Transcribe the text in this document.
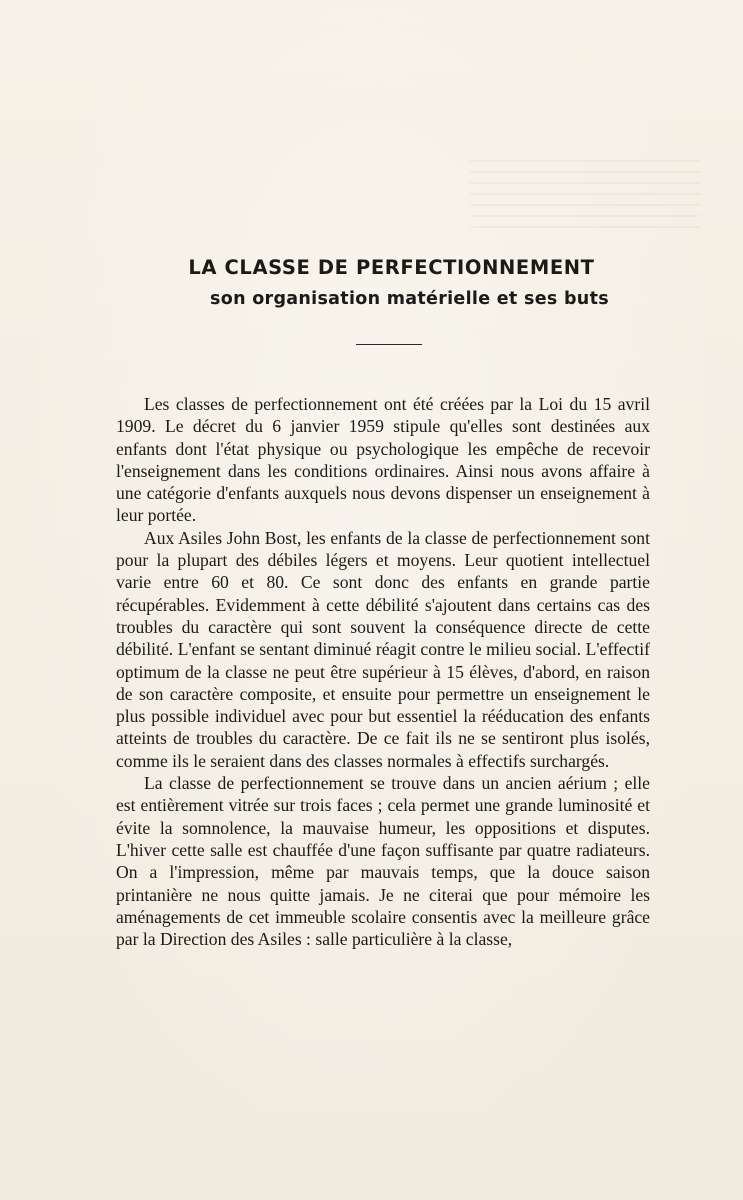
LA CLASSE DE PERFECTIONNEMENT
son organisation matérielle et ses buts

Les classes de perfectionnement ont été créées par la Loi du 15 avril 1909. Le décret du 6 janvier 1959 stipule qu'elles sont destinées aux enfants dont l'état physique ou psychologique les empêche de recevoir l'enseignement dans les conditions ordinaires. Ainsi nous avons affaire à une catégorie d'enfants auxquels nous devons dispenser un enseignement à leur portée.

Aux Asiles John Bost, les enfants de la classe de perfectionnement sont pour la plupart des débiles légers et moyens. Leur quotient intellectuel varie entre 60 et 80. Ce sont donc des enfants en grande partie récupérables. Evidemment à cette débilité s'ajoutent dans certains cas des troubles du caractère qui sont souvent la conséquence directe de cette débilité. L'enfant se sentant diminué réagit contre le milieu social. L'effectif optimum de la classe ne peut être supérieur à 15 élèves, d'abord, en raison de son caractère composite, et ensuite pour permettre un enseignement le plus possible individuel avec pour but essentiel la rééducation des enfants atteints de troubles du caractère. De ce fait ils ne se sentiront plus isolés, comme ils le seraient dans des classes normales à effectifs surchargés.

La classe de perfectionnement se trouve dans un ancien aérium ; elle est entièrement vitrée sur trois faces ; cela permet une grande luminosité et évite la somnolence, la mauvaise humeur, les oppositions et disputes. L'hiver cette salle est chauffée d'une façon suffisante par quatre radiateurs. On a l'impression, même par mauvais temps, que la douce saison printanière ne nous quitte jamais. Je ne citerai que pour mémoire les aménagements de cet immeuble scolaire consentis avec la meilleure grâce par la Direction des Asiles : salle particulière à la classe,
